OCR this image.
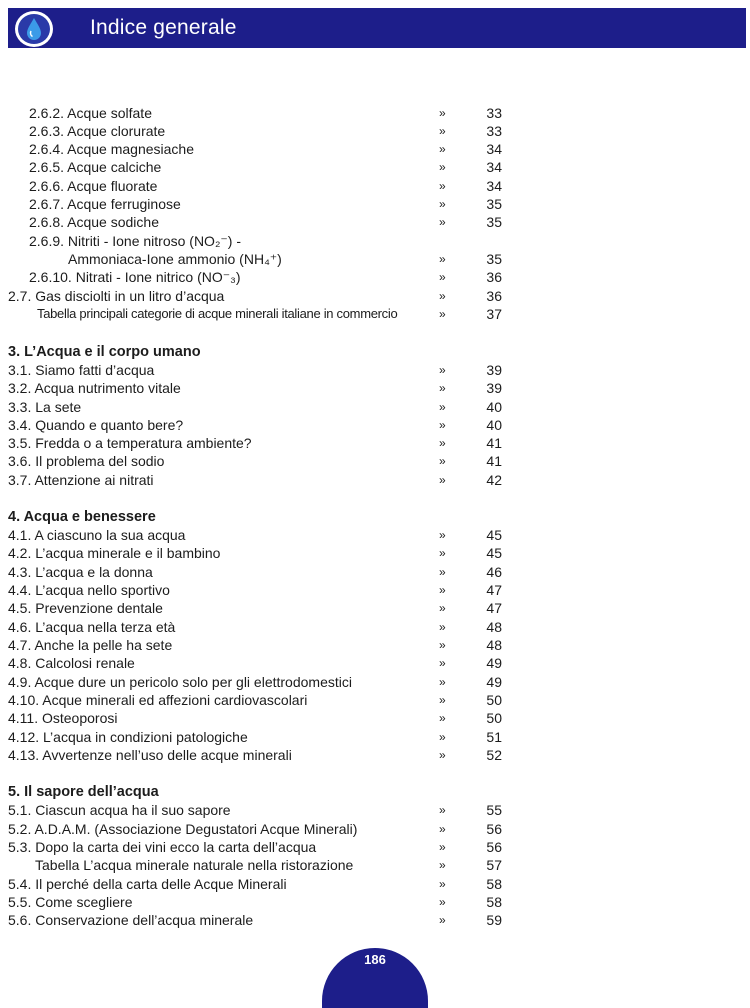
Indice generale
2.6.2. Acque solfate	»	33
2.6.3. Acque clorurate	»	33
2.6.4. Acque magnesiache	»	34
2.6.5. Acque calciche	»	34
2.6.6. Acque fluorate	»	34
2.6.7. Acque ferruginose	»	35
2.6.8. Acque sodiche	»	35
2.6.9. Nitriti - Ione nitroso (NO₂⁻) -
Ammoniaca-Ione ammonio (NH₄⁺)	»	35
2.6.10. Nitrati - Ione nitrico (NO⁻₃)	»	36
2.7. Gas disciolti in un litro d’acqua	»	36
Tabella principali categorie di acque minerali italiane in commercio	»	37
3. L’Acqua e il corpo umano
3.1. Siamo fatti d’acqua	»	39
3.2. Acqua nutrimento vitale	»	39
3.3. La sete	»	40
3.4. Quando e quanto bere?	»	40
3.5. Fredda o a temperatura ambiente?	»	41
3.6. Il problema del sodio	»	41
3.7. Attenzione ai nitrati	»	42
4. Acqua e benessere
4.1. A ciascuno la sua acqua	»	45
4.2. L’acqua minerale e il bambino	»	45
4.3. L’acqua e la donna	»	46
4.4. L’acqua nello sportivo	»	47
4.5. Prevenzione dentale	»	47
4.6. L’acqua nella terza età	»	48
4.7. Anche la pelle ha sete	»	48
4.8. Calcolosi renale	»	49
4.9. Acque dure un pericolo solo per gli elettrodomestici	»	49
4.10. Acque minerali ed affezioni cardiovascolari	»	50
4.11. Osteoporosi	»	50
4.12. L’acqua in condizioni patologiche	»	51
4.13. Avvertenze nell’uso delle acque minerali	»	52
5. Il sapore dell’acqua
5.1. Ciascun acqua ha il suo sapore	»	55
5.2. A.D.A.M. (Associazione Degustatori Acque Minerali)	»	56
5.3. Dopo la carta dei vini ecco la carta dell’acqua	»	56
Tabella L’acqua minerale naturale nella ristorazione	»	57
5.4. Il perché della carta delle Acque Minerali	»	58
5.5. Come scegliere	»	58
5.6. Conservazione dell’acqua minerale	»	59
186
